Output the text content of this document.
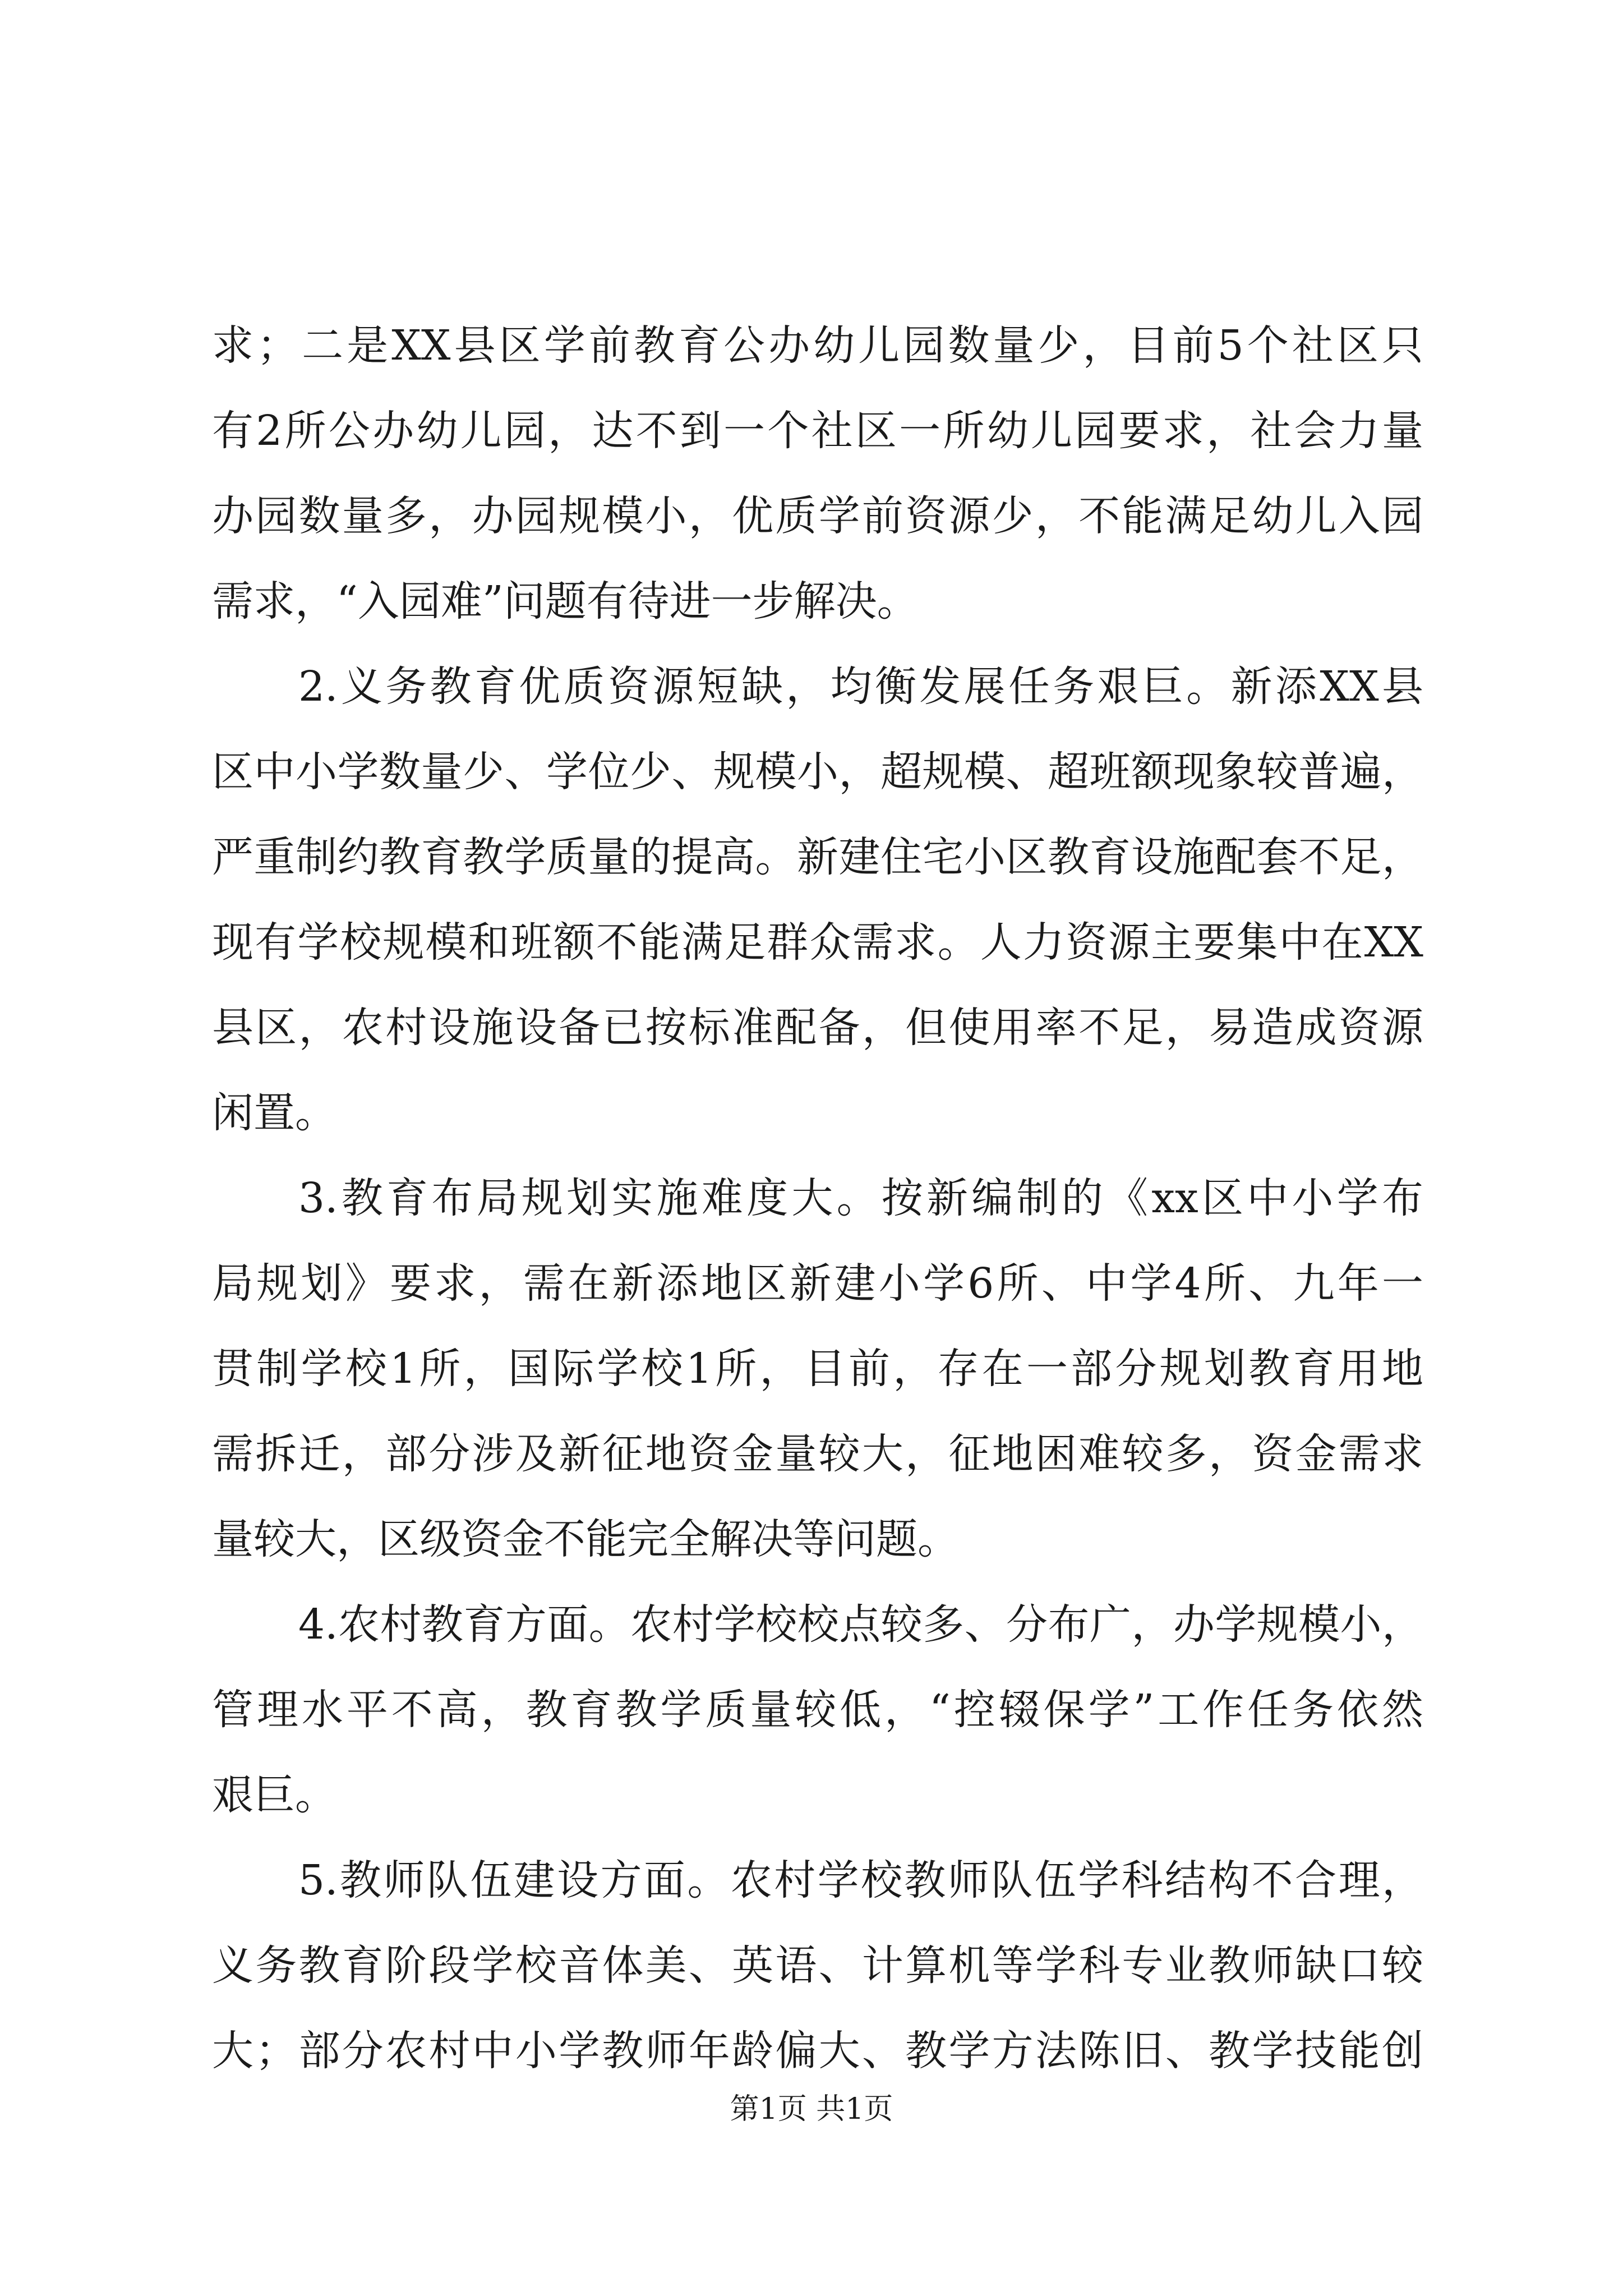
求；二是XX县区学前教育公办幼儿园数量少，目前5个社区只
有2所公办幼儿园，达不到一个社区一所幼儿园要求，社会力量
办园数量多，办园规模小，优质学前资源少，不能满足幼儿入园
需求，“入园难”问题有待进一步解决。
2.义务教育优质资源短缺，均衡发展任务艰巨。新添XX县
区中小学数量少、学位少、规模小，超规模、超班额现象较普遍，
严重制约教育教学质量的提高。新建住宅小区教育设施配套不足，
现有学校规模和班额不能满足群众需求。人力资源主要集中在XX
县区，农村设施设备已按标准配备，但使用率不足，易造成资源
闲置。
3.教育布局规划实施难度大。按新编制的《xx区中小学布
局规划》要求，需在新添地区新建小学6所、中学4所、九年一
贯制学校1所，国际学校1所，目前，存在一部分规划教育用地
需拆迁，部分涉及新征地资金量较大，征地困难较多，资金需求
量较大，区级资金不能完全解决等问题。
4.农村教育方面。农村学校校点较多、分布广，办学规模小，
管理水平不高，教育教学质量较低，“控辍保学”工作任务依然
艰巨。
5.教师队伍建设方面。农村学校教师队伍学科结构不合理，
义务教育阶段学校音体美、英语、计算机等学科专业教师缺口较
大；部分农村中小学教师年龄偏大、教学方法陈旧、教学技能创
第1页 共1页
